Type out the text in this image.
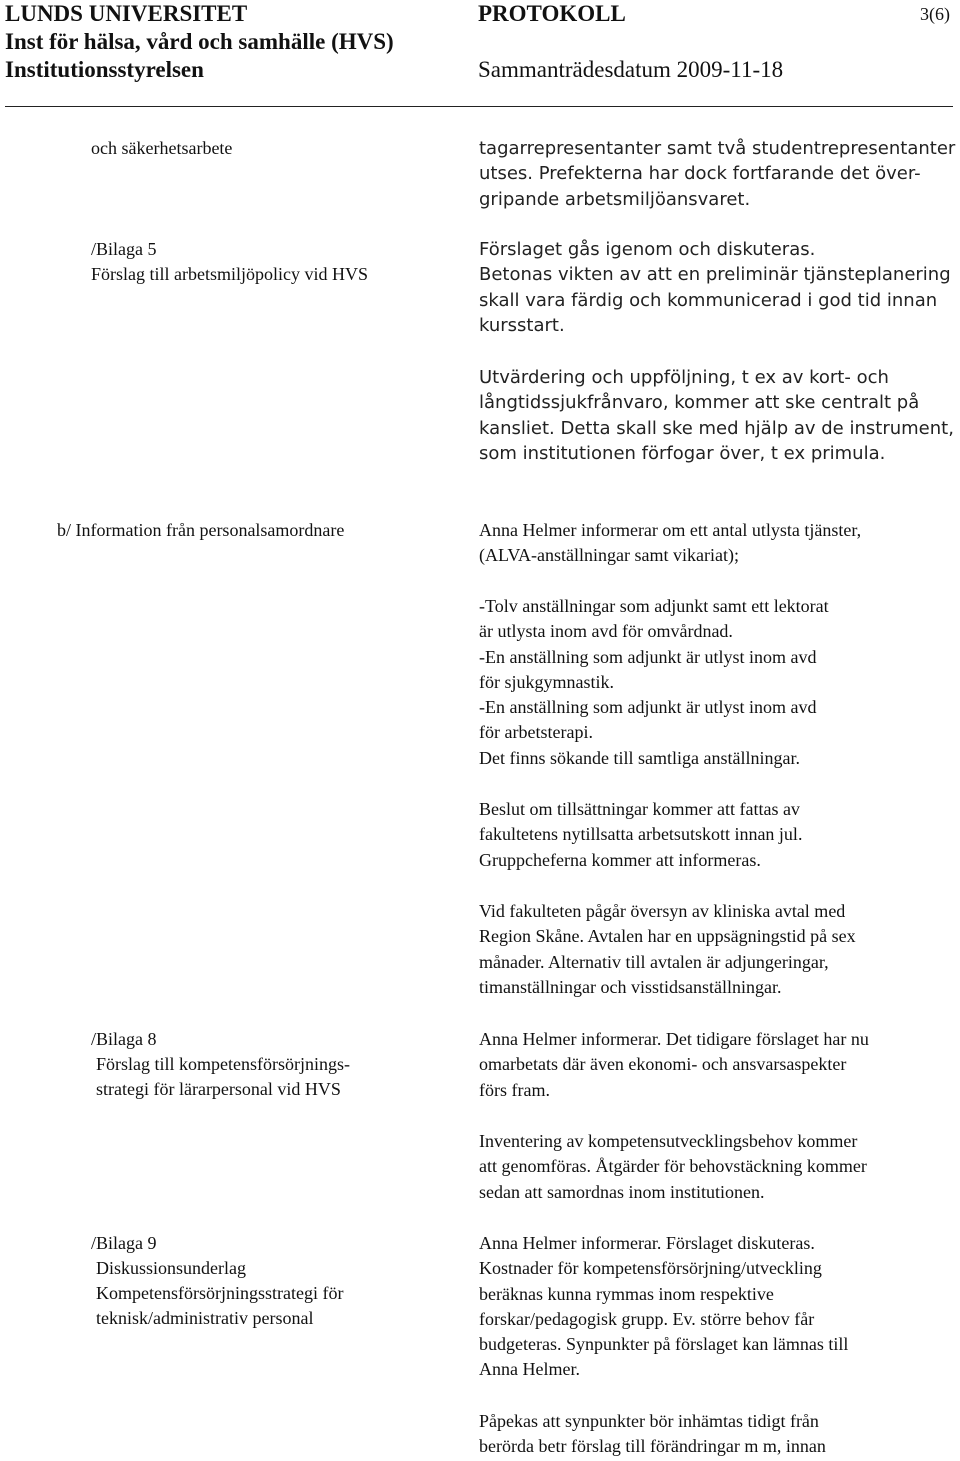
LUNDS UNIVERSITET
Inst för hälsa, vård och samhälle (HVS)
Institutionsstyrelsen
PROTOKOLL
Sammanträdesdatum 2009-11-18
3(6)
och säkerhetsarbete
/Bilaga 5
Förslag till arbetsmiljöpolicy vid HVS
b/ Information från personalsamordnare
/Bilaga 8
Förslag till kompetensförsörjnings-
strategi för lärarpersonal vid HVS
/Bilaga 9
Diskussionsunderlag
Kompetensförsörjningsstrategi för
teknisk/administrativ personal
tagarrepresentanter samt två studentrepresentanter
utses. Prefekterna har dock fortfarande det över-
gripande arbetsmiljöansvaret.
Förslaget gås igenom och diskuteras.
Betonas vikten av att en preliminär tjänsteplanering
skall vara färdig och kommunicerad i god tid innan
kursstart.
Utvärdering och uppföljning, t ex av kort- och
långtidssjukfrånvaro, kommer att ske centralt på
kansliet. Detta skall ske med hjälp av de instrument,
som institutionen förfogar över, t ex primula.
Anna Helmer informerar om ett antal utlysta tjänster,
(ALVA-anställningar samt vikariat);
-Tolv anställningar som adjunkt samt ett lektorat
är utlysta inom avd för omvårdnad.
-En anställning som adjunkt är utlyst inom avd
för sjukgymnastik.
-En anställning som adjunkt är utlyst inom avd
för arbetsterapi.
Det finns sökande till samtliga anställningar.
Beslut om tillsättningar kommer att fattas av
fakultetens nytillsatta arbetsutskott innan jul.
Gruppcheferna kommer att informeras.
Vid fakulteten pågår översyn av kliniska avtal med
Region Skåne. Avtalen har en uppsägningstid på sex
månader. Alternativ till avtalen är adjungeringar,
timanställningar och visstidsanställningar.
Anna Helmer informerar. Det tidigare förslaget har nu
omarbetats där även ekonomi- och ansvarsaspekter
förs fram.
Inventering av kompetensutvecklingsbehov kommer
att genomföras. Åtgärder för behovstäckning kommer
sedan att samordnas inom institutionen.
Anna Helmer informerar. Förslaget diskuteras.
Kostnader för kompetensförsörjning/utveckling
beräknas kunna rymmas inom respektive
forskar/pedagogisk grupp. Ev. större behov får
budgeteras. Synpunkter på förslaget kan lämnas till
Anna Helmer.
Påpekas att synpunkter bör inhämtas tidigt från
berörda betr förslag till förändringar m m, innan
